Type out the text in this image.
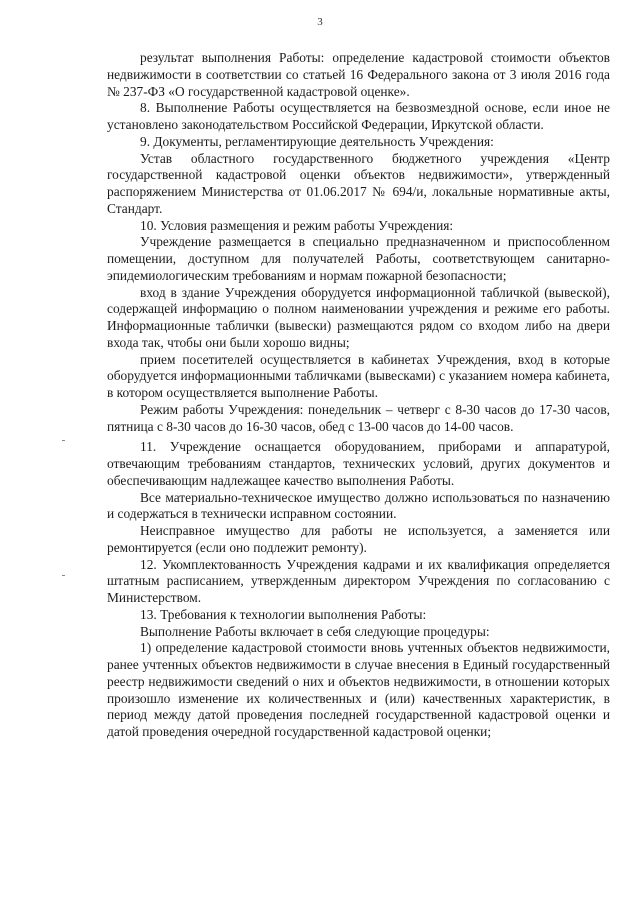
3

результат выполнения Работы: определение кадастровой стоимости объектов недвижимости в соответствии со статьей 16 Федерального закона от 3 июля 2016 года № 237-ФЗ «О государственной кадастровой оценке».

8. Выполнение Работы осуществляется на безвозмездной основе, если иное не установлено законодательством Российской Федерации, Иркутской области.

9. Документы, регламентирующие деятельность Учреждения:

Устав областного государственного бюджетного учреждения «Центр государственной кадастровой оценки объектов недвижимости», утвержденный распоряжением Министерства от 01.06.2017 № 694/и, локальные нормативные акты, Стандарт.

10. Условия размещения и режим работы Учреждения:

Учреждение размещается в специально предназначенном и приспособленном помещении, доступном для получателей Работы, соответствующем санитарно-эпидемиологическим требованиям и нормам пожарной безопасности;

вход в здание Учреждения оборудуется информационной табличкой (вывеской), содержащей информацию о полном наименовании учреждения и режиме его работы. Информационные таблички (вывески) размещаются рядом со входом либо на двери входа так, чтобы они были хорошо видны;

прием посетителей осуществляется в кабинетах Учреждения, вход в которые оборудуется информационными табличками (вывесками) с указанием номера кабинета, в котором осуществляется выполнение Работы.

Режим работы Учреждения: понедельник – четверг с 8-30 часов до 17-30 часов, пятница с 8-30 часов до 16-30 часов, обед с 13-00 часов до 14-00 часов.

11. Учреждение оснащается оборудованием, приборами и аппаратурой, отвечающим требованиям стандартов, технических условий, других документов и обеспечивающим надлежащее качество выполнения Работы.

Все материально-техническое имущество должно использоваться по назначению и содержаться в технически исправном состоянии.

Неисправное имущество для работы не используется, а заменяется или ремонтируется (если оно подлежит ремонту).

12. Укомплектованность Учреждения кадрами и их квалификация определяется штатным расписанием, утвержденным директором Учреждения по согласованию с Министерством.

13. Требования к технологии выполнения Работы:

Выполнение Работы включает в себя следующие процедуры:

1) определение кадастровой стоимости вновь учтенных объектов недвижимости, ранее учтенных объектов недвижимости в случае внесения в Единый государственный реестр недвижимости сведений о них и объектов недвижимости, в отношении которых произошло изменение их количественных и (или) качественных характеристик, в период между датой проведения последней государственной кадастровой оценки и датой проведения очередной государственной кадастровой оценки;
